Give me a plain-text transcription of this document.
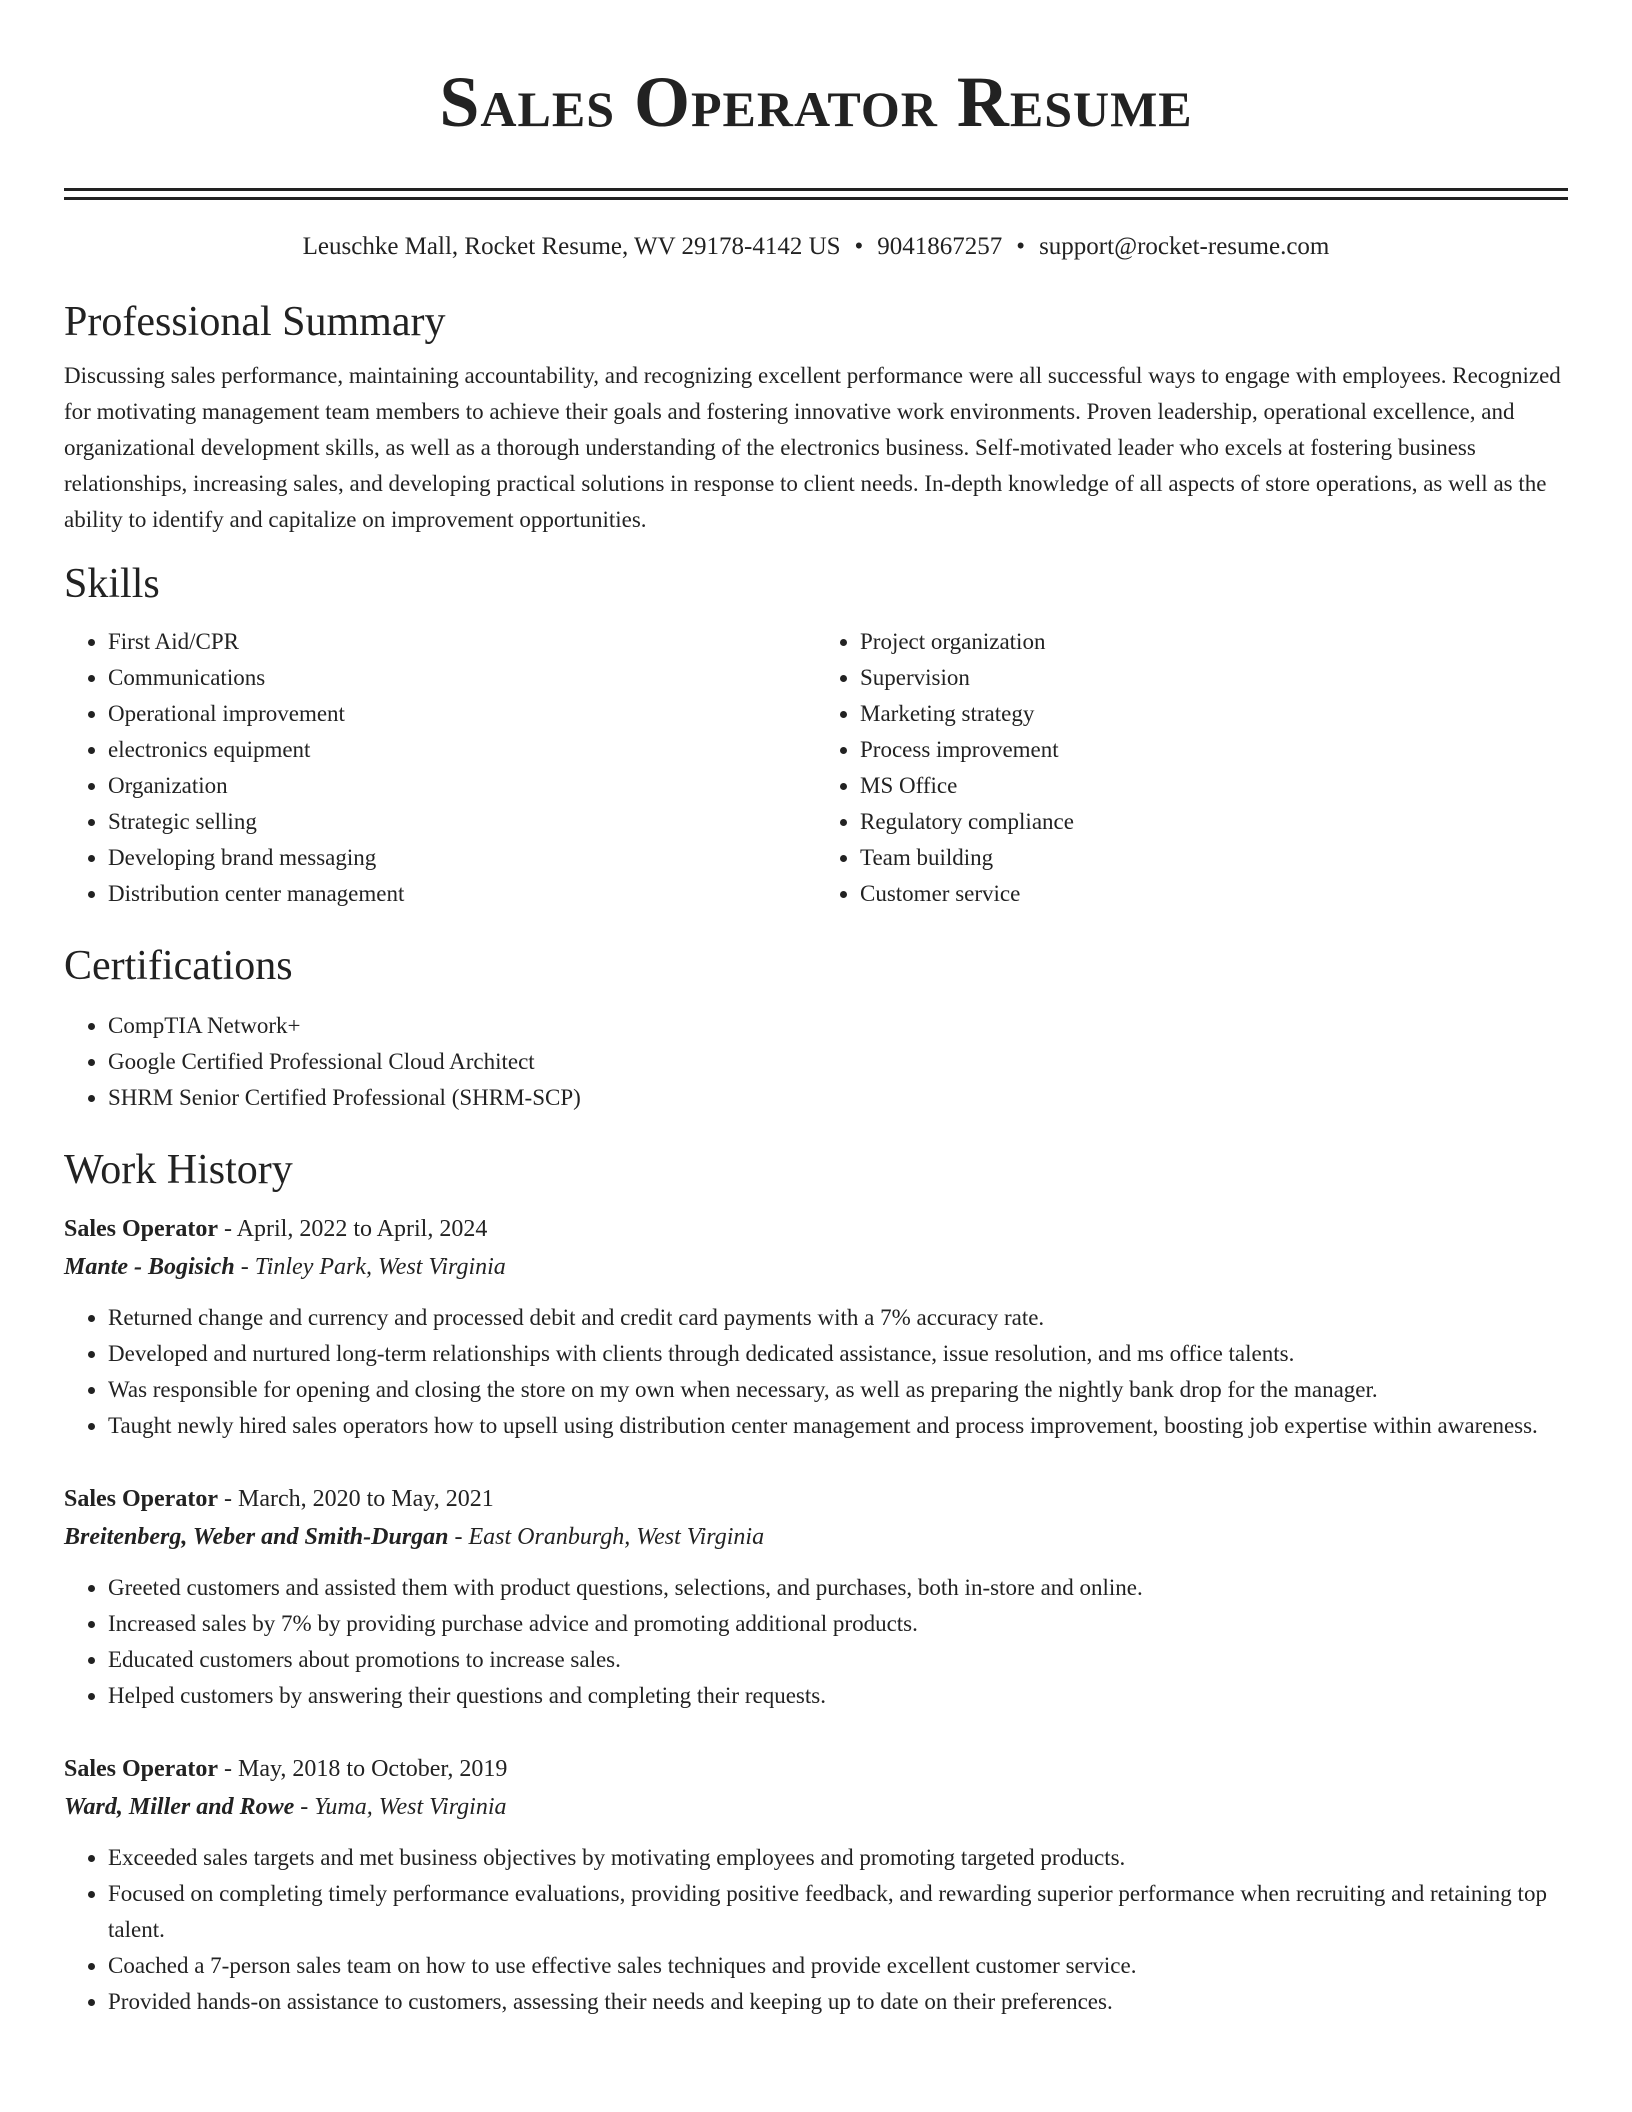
Sales Operator Resume
Leuschke Mall, Rocket Resume, WV 29178-4142 US • 9041867257 • support@rocket-resume.com
Professional Summary
Discussing sales performance, maintaining accountability, and recognizing excellent performance were all successful ways to engage with employees. Recognized for motivating management team members to achieve their goals and fostering innovative work environments. Proven leadership, operational excellence, and organizational development skills, as well as a thorough understanding of the electronics business. Self-motivated leader who excels at fostering business relationships, increasing sales, and developing practical solutions in response to client needs. In-depth knowledge of all aspects of store operations, as well as the ability to identify and capitalize on improvement opportunities.
Skills
• First Aid/CPR
• Communications
• Operational improvement
• electronics equipment
• Organization
• Strategic selling
• Developing brand messaging
• Distribution center management
• Project organization
• Supervision
• Marketing strategy
• Process improvement
• MS Office
• Regulatory compliance
• Team building
• Customer service
Certifications
• CompTIA Network+
• Google Certified Professional Cloud Architect
• SHRM Senior Certified Professional (SHRM-SCP)
Work History
Sales Operator - April, 2022 to April, 2024
Mante - Bogisich - Tinley Park, West Virginia
• Returned change and currency and processed debit and credit card payments with a 7% accuracy rate.
• Developed and nurtured long-term relationships with clients through dedicated assistance, issue resolution, and ms office talents.
• Was responsible for opening and closing the store on my own when necessary, as well as preparing the nightly bank drop for the manager.
• Taught newly hired sales operators how to upsell using distribution center management and process improvement, boosting job expertise within awareness.
Sales Operator - March, 2020 to May, 2021
Breitenberg, Weber and Smith-Durgan - East Oranburgh, West Virginia
• Greeted customers and assisted them with product questions, selections, and purchases, both in-store and online.
• Increased sales by 7% by providing purchase advice and promoting additional products.
• Educated customers about promotions to increase sales.
• Helped customers by answering their questions and completing their requests.
Sales Operator - May, 2018 to October, 2019
Ward, Miller and Rowe - Yuma, West Virginia
• Exceeded sales targets and met business objectives by motivating employees and promoting targeted products.
• Focused on completing timely performance evaluations, providing positive feedback, and rewarding superior performance when recruiting and retaining top talent.
• Coached a 7-person sales team on how to use effective sales techniques and provide excellent customer service.
• Provided hands-on assistance to customers, assessing their needs and keeping up to date on their preferences.
